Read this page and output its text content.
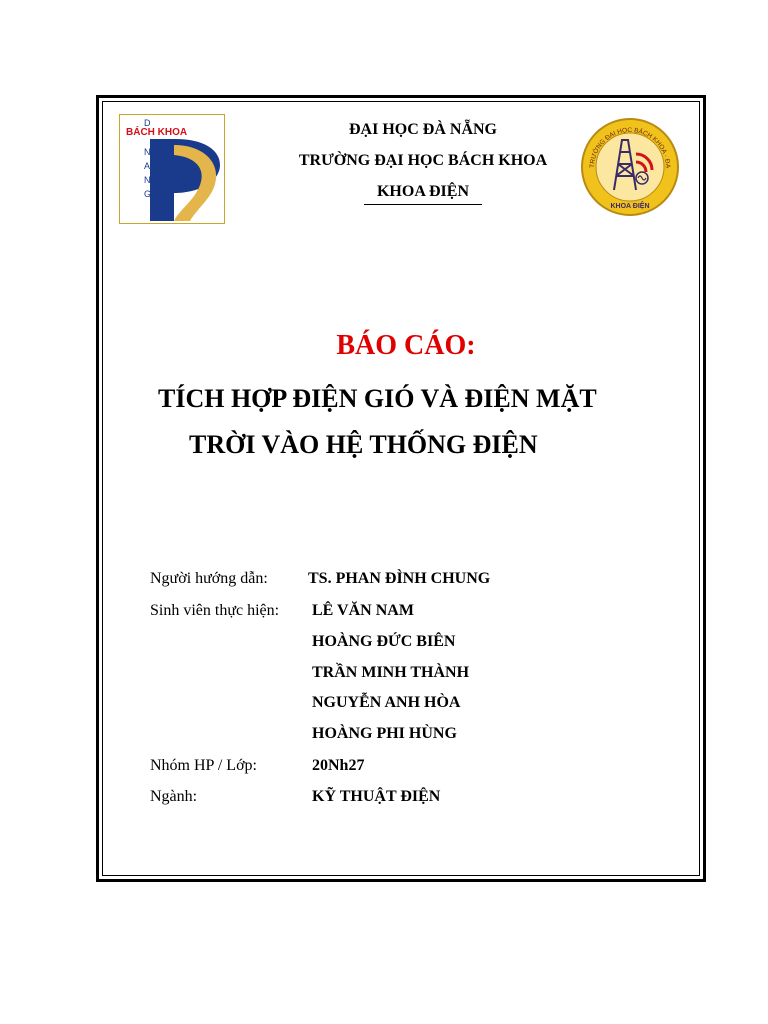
D
BÁCH KHOA
N
A
N
G
TRƯỜNG ĐẠI HỌC BÁCH KHOA · ĐẠ
KHOA ĐIỆN
ĐẠI HỌC ĐÀ NẴNG
TRƯỜNG ĐẠI HỌC BÁCH KHOA
KHOA ĐIỆN
BÁO CÁO:
TÍCH HỢP ĐIỆN GIÓ VÀ ĐIỆN MẶT
TRỜI VÀO HỆ THỐNG ĐIỆN
Người hướng dẫn:	TS. PHAN ĐÌNH CHUNG
Sinh viên thực hiện: LÊ VĂN NAM
HOÀNG ĐỨC BIÊN
TRẦN MINH THÀNH
NGUYỄN ANH HÒA
HOÀNG PHI HÙNG
Nhóm HP / Lớp:	20Nh27
Ngành:	KỸ THUẬT ĐIỆN
